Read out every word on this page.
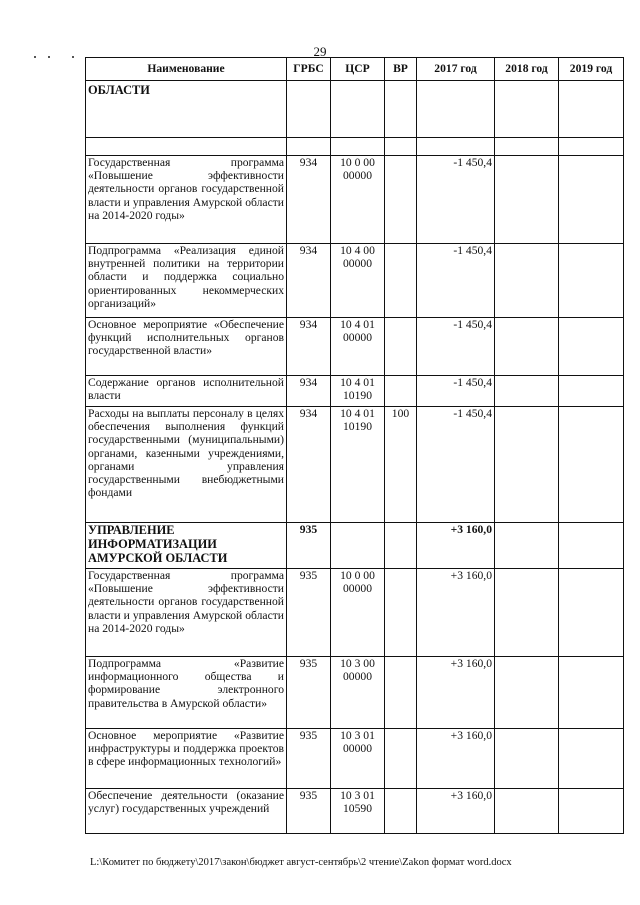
29
Наименование	ГРБС	ЦСР	ВР	2017 год	2018 год	2019 год
ОБЛАСТИ						

Государственная программа «Повышение эффективности деятельности органов государственной власти и управления Амурской области на 2014-2020 годы»	934	10 0 00 00000		-1 450,4		
Подпрограмма «Реализация единой внутренней политики на территории области и поддержка социально ориентированных некоммерческих организаций»	934	10 4 00 00000		-1 450,4		
Основное мероприятие «Обеспечение функций исполнительных органов государственной власти»	934	10 4 01 00000		-1 450,4		
Содержание органов исполнительной власти	934	10 4 01 10190		-1 450,4		
Расходы на выплаты персоналу в целях обеспечения выполнения функций государственными (муниципальными) органами, казенными учреждениями, органами управления государственными внебюджетными фондами	934	10 4 01 10190	100	-1 450,4		
УПРАВЛЕНИЕ ИНФОРМАТИЗАЦИИ АМУРСКОЙ ОБЛАСТИ	935			+3 160,0		
Государственная программа «Повышение эффективности деятельности органов государственной власти и управления Амурской области на 2014-2020 годы»	935	10 0 00 00000		+3 160,0		
Подпрограмма «Развитие информационного общества и формирование электронного правительства в Амурской области»	935	10 3 00 00000		+3 160,0		
Основное мероприятие «Развитие инфраструктуры и поддержка проектов в сфере информационных технологий»	935	10 3 01 00000		+3 160,0		
Обеспечение деятельности (оказание услуг) государственных учреждений	935	10 3 01 10590		+3 160,0		
L:\Комитет по бюджету\2017\закон\бюджет август-сентябрь\2 чтение\Zakon формат word.docx
